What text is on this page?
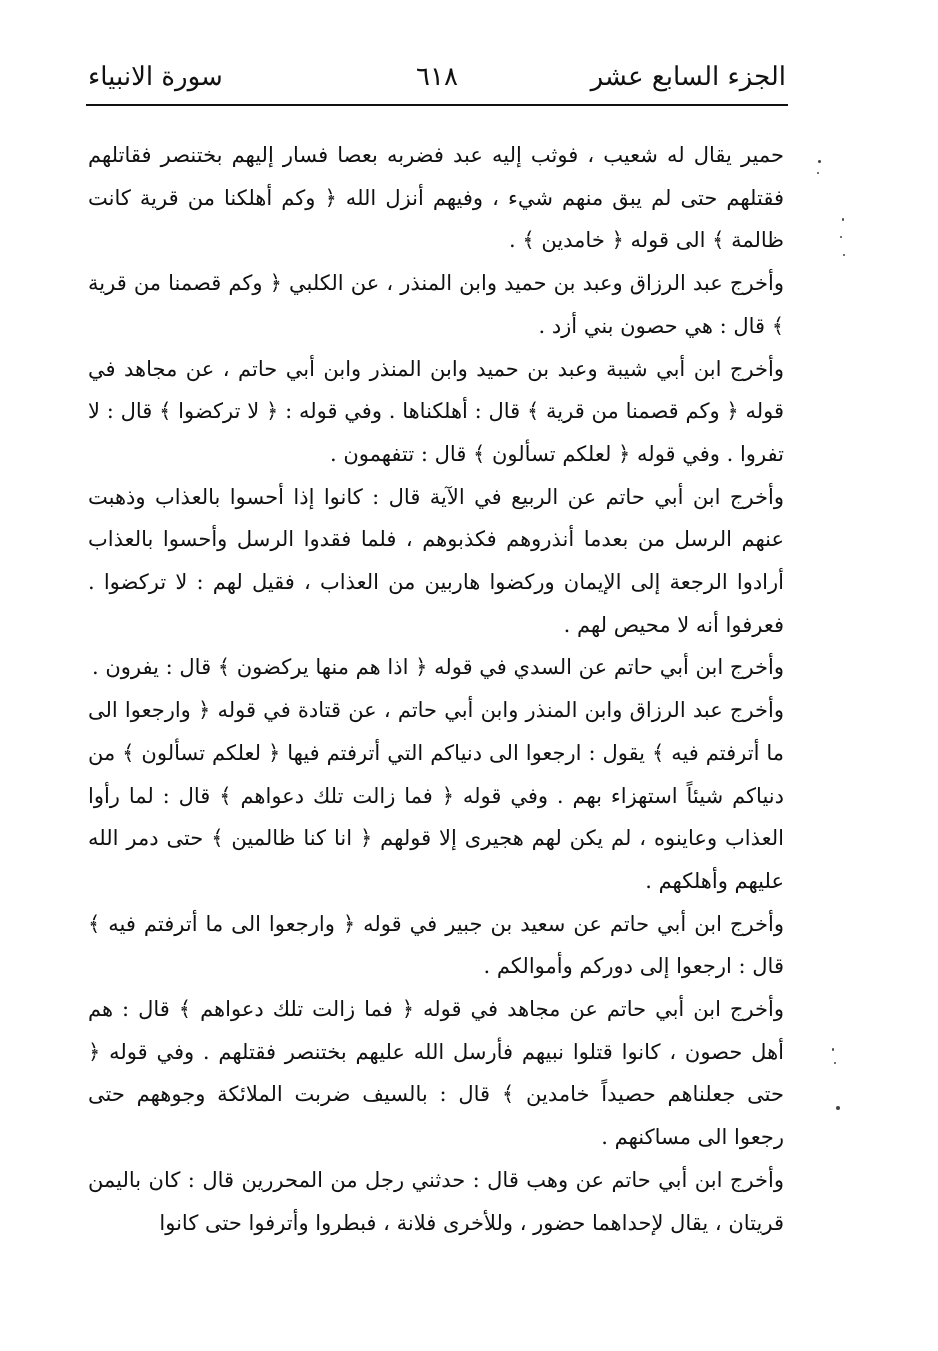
الجزء السابع عشر
٦١٨
سورة الانبياء

حمير يقال له شعيب ، فوثب إليه عبد فضربه بعصا فسار إليهم بختنصر فقاتلهم فقتلهم حتى لم يبق منهم شيء ، وفيهم أنزل الله ﴿ وكم أهلكنا من قرية كانت ظالمة ﴾ الى قوله ﴿ خامدين ﴾ .

وأخرج عبد الرزاق وعبد بن حميد وابن المنذر ، عن الكلبي ﴿ وكم قصمنا من قرية ﴾ قال : هي حصون بني أزد .

وأخرج ابن أبي شيبة وعبد بن حميد وابن المنذر وابن أبي حاتم ، عن مجاهد في قوله ﴿ وكم قصمنا من قرية ﴾ قال : أهلكناها . وفي قوله : ﴿ لا تركضوا ﴾ قال : لا تفروا . وفي قوله ﴿ لعلكم تسألون ﴾ قال : تتفهمون .

وأخرج ابن أبي حاتم عن الربيع في الآية قال : كانوا إذا أحسوا بالعذاب وذهبت عنهم الرسل من بعدما أنذروهم فكذبوهم ، فلما فقدوا الرسل وأحسوا بالعذاب أرادوا الرجعة إلى الإيمان وركضوا هاربين من العذاب ، فقيل لهم : لا تركضوا . فعرفوا أنه لا محيص لهم .

وأخرج ابن أبي حاتم عن السدي في قوله ﴿ اذا هم منها يركضون ﴾ قال : يفرون .

وأخرج عبد الرزاق وابن المنذر وابن أبي حاتم ، عن قتادة في قوله ﴿ وارجعوا الى ما أترفتم فيه ﴾ يقول : ارجعوا الى دنياكم التي أترفتم فيها ﴿ لعلكم تسألون ﴾ من دنياكم شيئاً استهزاء بهم . وفي قوله ﴿ فما زالت تلك دعواهم ﴾ قال : لما رأوا العذاب وعاينوه ، لم يكن لهم هجيرى إلا قولهم ﴿ انا كنا ظالمين ﴾ حتى دمر الله عليهم وأهلكهم .

وأخرج ابن أبي حاتم عن سعيد بن جبير في قوله ﴿ وارجعوا الى ما أترفتم فيه ﴾ قال : ارجعوا إلى دوركم وأموالكم .

وأخرج ابن أبي حاتم عن مجاهد في قوله ﴿ فما زالت تلك دعواهم ﴾ قال : هم أهل حصون ، كانوا قتلوا نبيهم فأرسل الله عليهم بختنصر فقتلهم . وفي قوله ﴿ حتى جعلناهم حصيداً خامدين ﴾ قال : بالسيف ضربت الملائكة وجوههم حتى رجعوا الى مساكنهم .

وأخرج ابن أبي حاتم عن وهب قال : حدثني رجل من المحررين قال : كان باليمن قريتان ، يقال لإحداهما حضور ، وللأخرى فلانة ، فبطروا وأترفوا حتى كانوا
